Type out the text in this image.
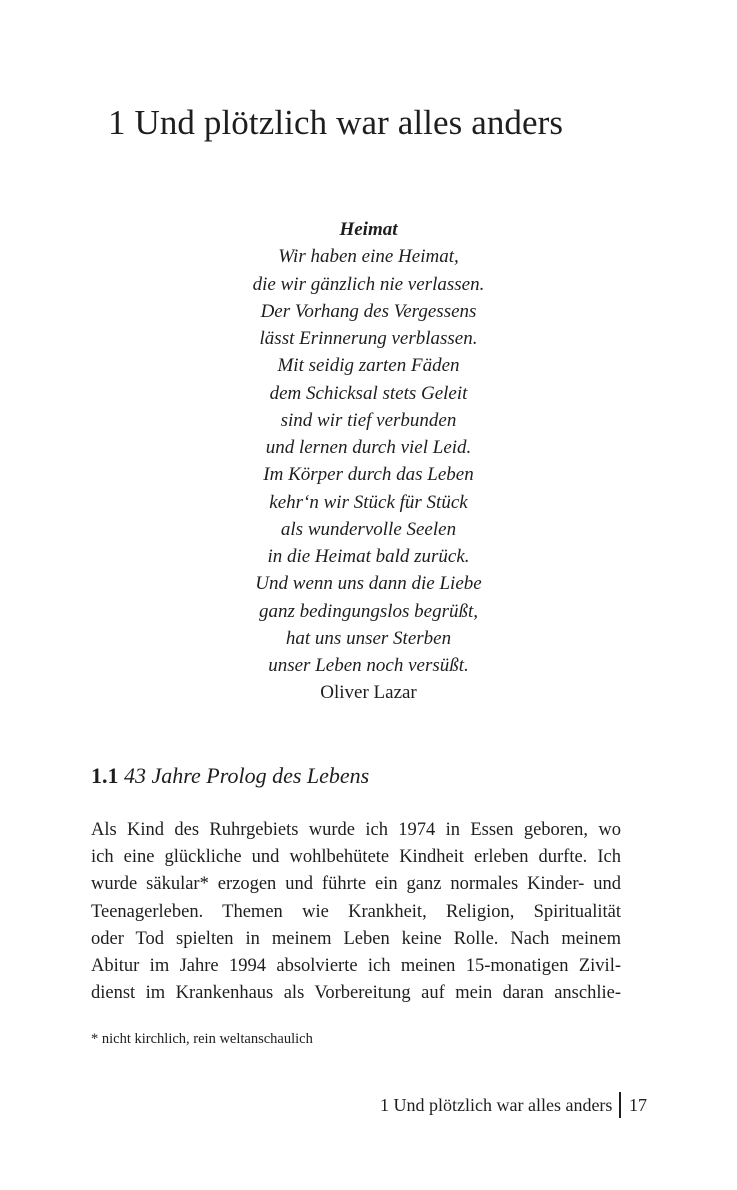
1 Und plötzlich war alles anders
Heimat
Wir haben eine Heimat,
die wir gänzlich nie verlassen.
Der Vorhang des Vergessens
lässt Erinnerung verblassen.
Mit seidig zarten Fäden
dem Schicksal stets Geleit
sind wir tief verbunden
und lernen durch viel Leid.
Im Körper durch das Leben
kehr‘n wir Stück für Stück
als wundervolle Seelen
in die Heimat bald zurück.
Und wenn uns dann die Liebe
ganz bedingungslos begrüßt,
hat uns unser Sterben
unser Leben noch versüßt.
Oliver Lazar
1.1 43 Jahre Prolog des Lebens
Als Kind des Ruhrgebiets wurde ich 1974 in Essen geboren, wo
ich eine glückliche und wohlbehütete Kindheit erleben durfte. Ich
wurde säkular* erzogen und führte ein ganz normales Kinder- und
Teenagerleben. Themen wie Krankheit, Religion, Spiritualität
oder Tod spielten in meinem Leben keine Rolle. Nach meinem
Abitur im Jahre 1994 absolvierte ich meinen 15-monatigen Zivil-
dienst im Krankenhaus als Vorbereitung auf mein daran anschlie-
* nicht kirchlich, rein weltanschaulich
1 Und plötzlich war alles anders 17
